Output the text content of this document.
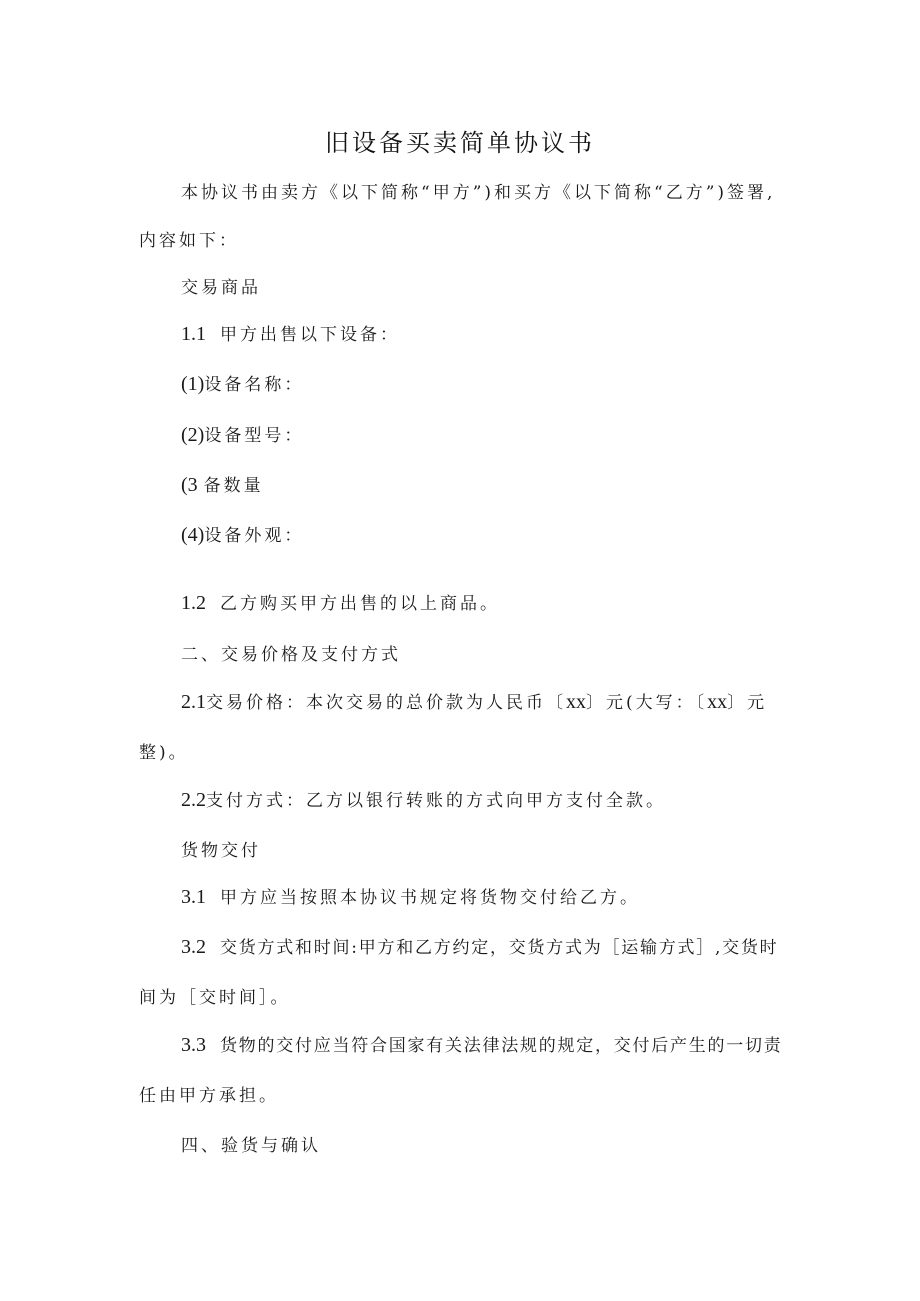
旧设备买卖简单协议书
本协议书由卖方《以下简称“甲方”)和买方《以下简称“乙方”)签署,
内容如下：
交易商品
1.1 甲方出售以下设备：
(1)设备名称：
(2)设备型号：
(3 备数量
(4)设备外观：
1.2 乙方购买甲方出售的以上商品。
二、交易价格及支付方式
2.1交易价格：本次交易的总价款为人民币〔xx〕元(大写：〔xx〕元
整)。
2.2支付方式：乙方以银行转账的方式向甲方支付全款。
货物交付
3.1 甲方应当按照本协议书规定将货物交付给乙方。
3.2 交货方式和时间:甲方和乙方约定，交货方式为［运输方式］,交货时
间为［交时间］。
3.3 货物的交付应当符合国家有关法律法规的规定，交付后产生的一切责
任由甲方承担。
四、验货与确认
